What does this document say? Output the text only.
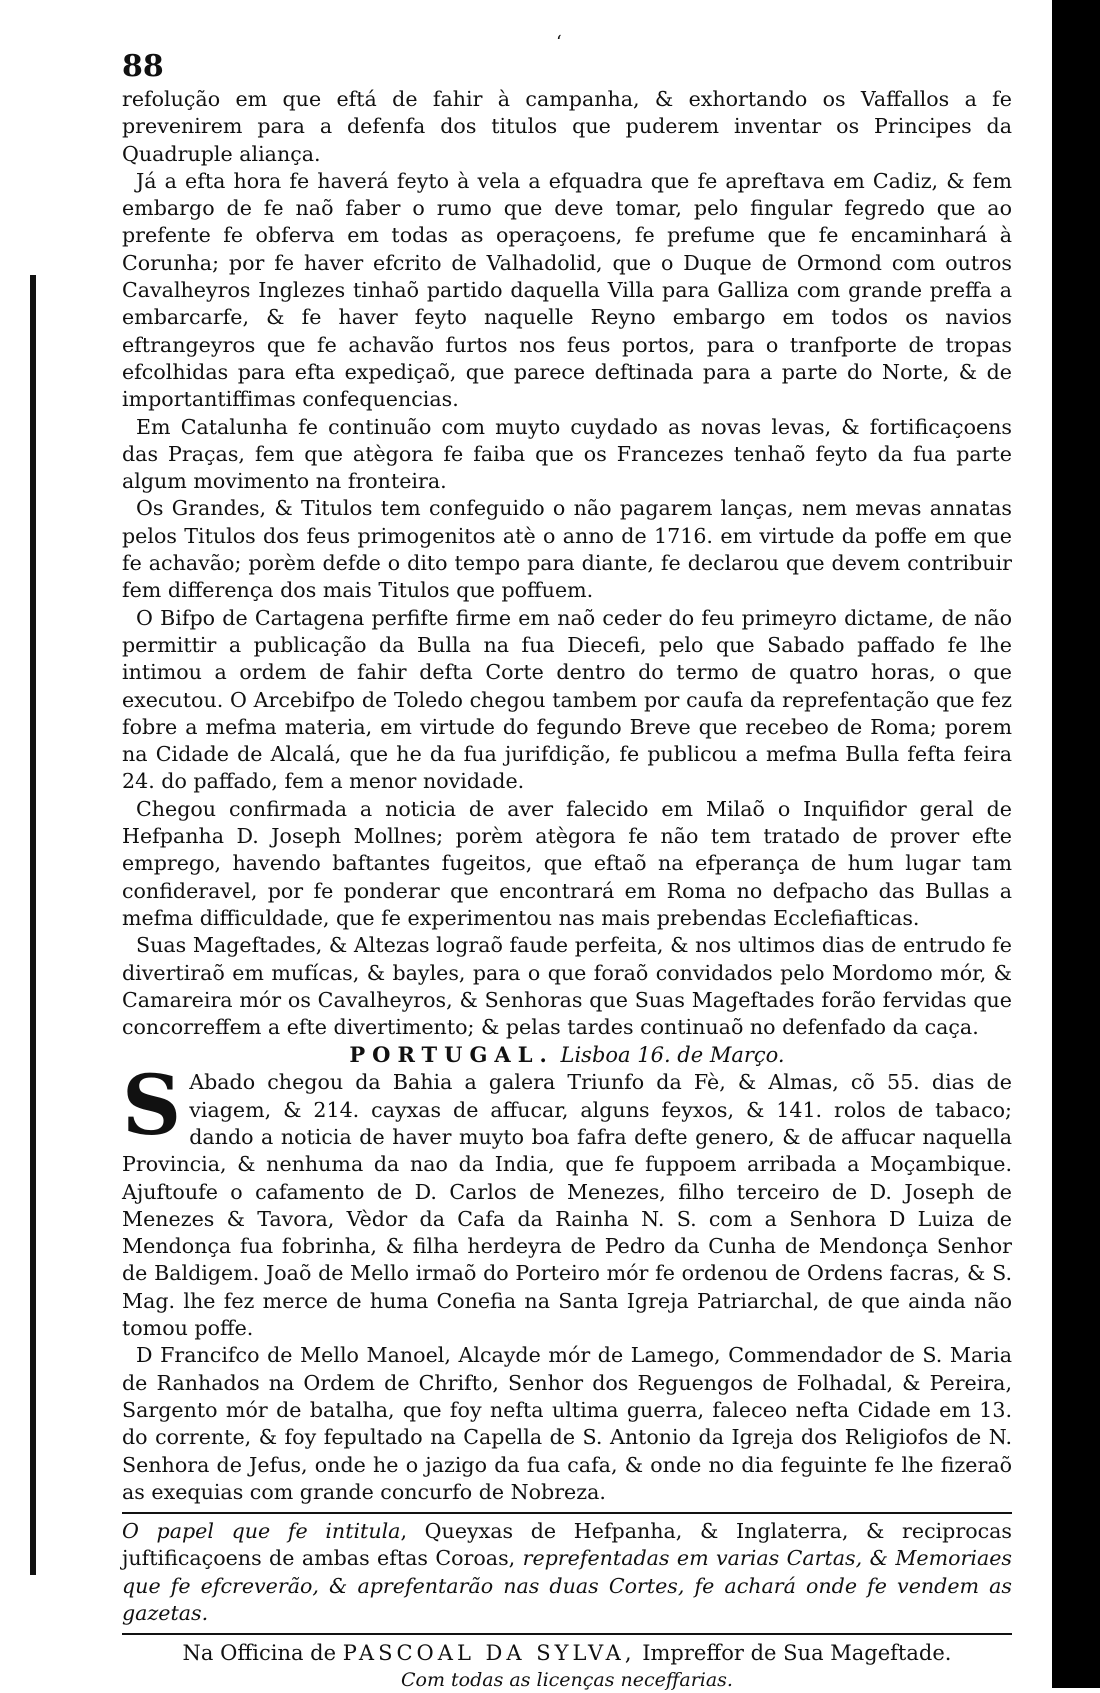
ʻ
88

refolução em que eftá de fahir à campanha, & exhortando os Vaffallos a fe prevenirem para a defenfa dos titulos que puderem inventar os Principes da Quadruple aliança.

Já a efta hora fe haverá feyto à vela a efquadra que fe apreftava em Cadiz, & fem embargo de fe naõ faber o rumo que deve tomar, pelo fingular fegredo que ao prefente fe obferva em todas as operaçoens, fe prefume que fe encaminhará à Corunha; por fe haver efcrito de Valhadolid, que o Duque de Ormond com outros Cavalheyros Inglezes tinhaõ partido daquella Villa para Galliza com grande preffa a embarcarfe, & fe haver feyto naquelle Reyno embargo em todos os navios eftrangeyros que fe achavão furtos nos feus portos, para o tranfporte de tropas efcolhidas para efta expediçaõ, que parece deftinada para a parte do Norte, & de importantiffimas confequencias.

Em Catalunha fe continuão com muyto cuydado as novas levas, & fortificaçoens das Praças, fem que atègora fe faiba que os Francezes tenhaõ feyto da fua parte algum movimento na fronteira.

Os Grandes, & Titulos tem confeguido o não pagarem lanças, nem mevas annatas pelos Titulos dos feus primogenitos atè o anno de 1716. em virtude da poffe em que fe achavão; porèm defde o dito tempo para diante, fe declarou que devem contribuir fem differença dos mais Titulos que poffuem.

O Bifpo de Cartagena perfifte firme em naõ ceder do feu primeyro dictame, de não permittir a publicação da Bulla na fua Diecefi, pelo que Sabado paffado fe lhe intimou a ordem de fahir defta Corte dentro do termo de quatro horas, o que executou. O Arcebifpo de Toledo chegou tambem por caufa da reprefentação que fez fobre a mefma materia, em virtude do fegundo Breve que recebeo de Roma; porem na Cidade de Alcalá, que he da fua jurifdição, fe publicou a mefma Bulla fefta feira 24. do paffado, fem a menor novidade.

Chegou confirmada a noticia de aver falecido em Milaõ o Inquifidor geral de Hefpanha D. Joseph Mollnes; porèm atègora fe não tem tratado de prover efte emprego, havendo baftantes fugeitos, que eftaõ na efperança de hum lugar tam confideravel, por fe ponderar que encontrará em Roma no defpacho das Bullas a mefma difficuldade, que fe experimentou nas mais prebendas Ecclefiafticas.

Suas Mageftades, & Altezas lograõ faude perfeita, & nos ultimos dias de entrudo fe divertiraõ em mufícas, & bayles, para o que foraõ convidados pelo Mordomo mór, & Camareira mór os Cavalheyros, & Senhoras que Suas Mageftades forão fervidas que concorreffem a efte divertimento; & pelas tardes continuaõ no defenfado da caça.

PORTUGAL. Lisboa 16. de Março.

S Abado chegou da Bahia a galera Triunfo da Fè, & Almas, cõ 55. dias de viagem, & 214. cayxas de affucar, alguns feyxos, & 141. rolos de tabaco; dando a noticia de haver muyto boa fafra defte genero, & de affucar naquella Provincia, & nenhuma da nao da India, que fe fuppoem arribada a Moçambique. Ajuftoufe o cafamento de D. Carlos de Menezes, filho terceiro de D. Joseph de Menezes & Tavora, Vèdor da Cafa da Rainha N. S. com a Senhora D Luiza de Mendonça fua fobrinha, & filha herdeyra de Pedro da Cunha de Mendonça Senhor de Baldigem. Joaõ de Mello irmaõ do Porteiro mór fe ordenou de Ordens facras, & S. Mag. lhe fez merce de huma Conefia na Santa Igreja Patriarchal, de que ainda não tomou poffe.

D Francifco de Mello Manoel, Alcayde mór de Lamego, Commendador de S. Maria de Ranhados na Ordem de Chrifto, Senhor dos Reguengos de Folhadal, & Pereira, Sargento mór de batalha, que foy nefta ultima guerra, faleceo nefta Cidade em 13. do corrente, & foy fepultado na Capella de S. Antonio da Igreja dos Religiofos de N. Senhora de Jefus, onde he o jazigo da fua cafa, & onde no dia feguinte fe lhe fizeraõ as exequias com grande concurfo de Nobreza.

O papel que fe intitula, Queyxas de Hefpanha, & Inglaterra, & reciprocas juftificaçoens de ambas eftas Coroas, reprefentadas em varias Cartas, & Memoriaes que fe efcreverão, & aprefentarão nas duas Cortes, fe achará onde fe vendem as gazetas.

Na Officina de PASCOAL DA SYLVA, Impreffor de Sua Mageftade.

Com todas as licenças neceffarias.
